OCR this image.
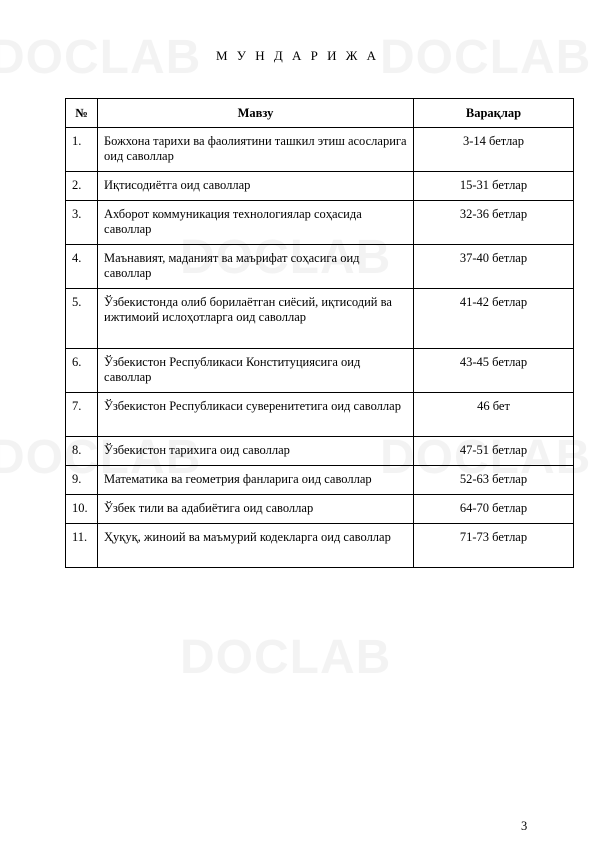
М У Н Д А Р И Ж А
№	Мавзу	Варақлар
1.	Божхона тарихи ва фаолиятини ташкил этиш асосларига оид саволлар	3-14 бетлар
2.	Иқтисодиётга оид саволлар	15-31 бетлар
3.	Ахборот коммуникация технологиялар соҳасида саволлар	32-36 бетлар
4.	Маънавият, маданият ва маърифат соҳасига оид саволлар	37-40 бетлар
5.	Ўзбекистонда олиб борилаётган сиёсий, иқтисодий ва ижтимоий ислоҳотларга оид саволлар	41-42 бетлар
6.	Ўзбекистон Республикаси Конституциясига оид саволлар	43-45 бетлар
7.	Ўзбекистон Республикаси суверенитетига оид саволлар	46 бет
8.	Ўзбекистон тарихига оид саволлар	47-51 бетлар
9.	Математика ва геометрия фанларига оид саволлар	52-63 бетлар
10.	Ўзбек тили ва адабиётига оид саволлар	64-70 бетлар
11.	Ҳуқуқ, жиноий ва маъмурий кодекларга оид саволлар	71-73 бетлар
3
